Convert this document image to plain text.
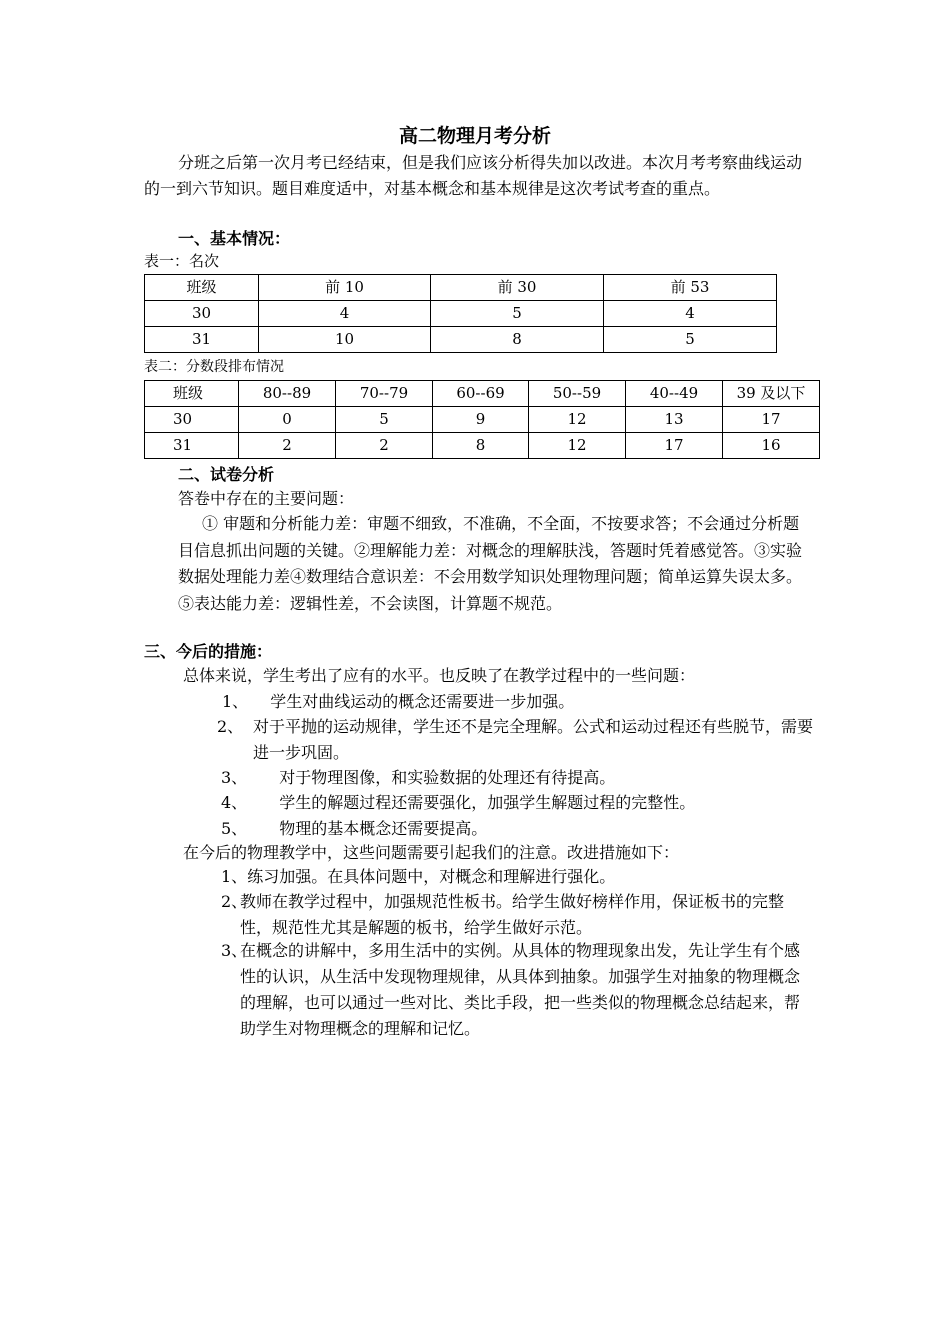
高二物理月考分析

分班之后第一次月考已经结束，但是我们应该分析得失加以改进。本次月考考察曲线运动的一到六节知识。题目难度适中，对基本概念和基本规律是这次考试考查的重点。

一、基本情况：
表一：名次
班级	前 10	前 30	前 53
30	4	5	4
31	10	8	5
表二：分数段排布情况
班级	80--89	70--79	60--69	50--59	40--49	39 及以下
30	0	5	9	12	13	17
31	2	2	8	12	17	16
二、试卷分析
答卷中存在的主要问题：

① 审题和分析能力差：审题不细致，不准确，不全面，不按要求答；不会通过分析题目信息抓出问题的关键。②理解能力差：对概念的理解肤浅，答题时凭着感觉答。③实验数据处理能力差④数理结合意识差：不会用数学知识处理物理问题；简单运算失误太多。⑤表达能力差：逻辑性差，不会读图，计算题不规范。

三、今后的措施：
总体来说，学生考出了应有的水平。也反映了在教学过程中的一些问题：
1、 学生对曲线运动的概念还需要进一步加强。
2、 对于平抛的运动规律，学生还不是完全理解。公式和运动过程还有些脱节，需要进一步巩固。
3、 对于物理图像，和实验数据的处理还有待提高。
4、 学生的解题过程还需要强化，加强学生解题过程的完整性。
5、 物理的基本概念还需要提高。
在今后的物理教学中，这些问题需要引起我们的注意。改进措施如下：
1、练习加强。在具体问题中，对概念和理解进行强化。
2、
教师在教学过程中，加强规范性板书。给学生做好榜样作用，保证板书的完整性，规范性尤其是解题的板书，给学生做好示范。
3、
在概念的讲解中，多用生活中的实例。从具体的物理现象出发，先让学生有个感性的认识，从生活中发现物理规律，从具体到抽象。加强学生对抽象的物理概念的理解，也可以通过一些对比、类比手段，把一些类似的物理概念总结起来，帮助学生对物理概念的理解和记忆。
